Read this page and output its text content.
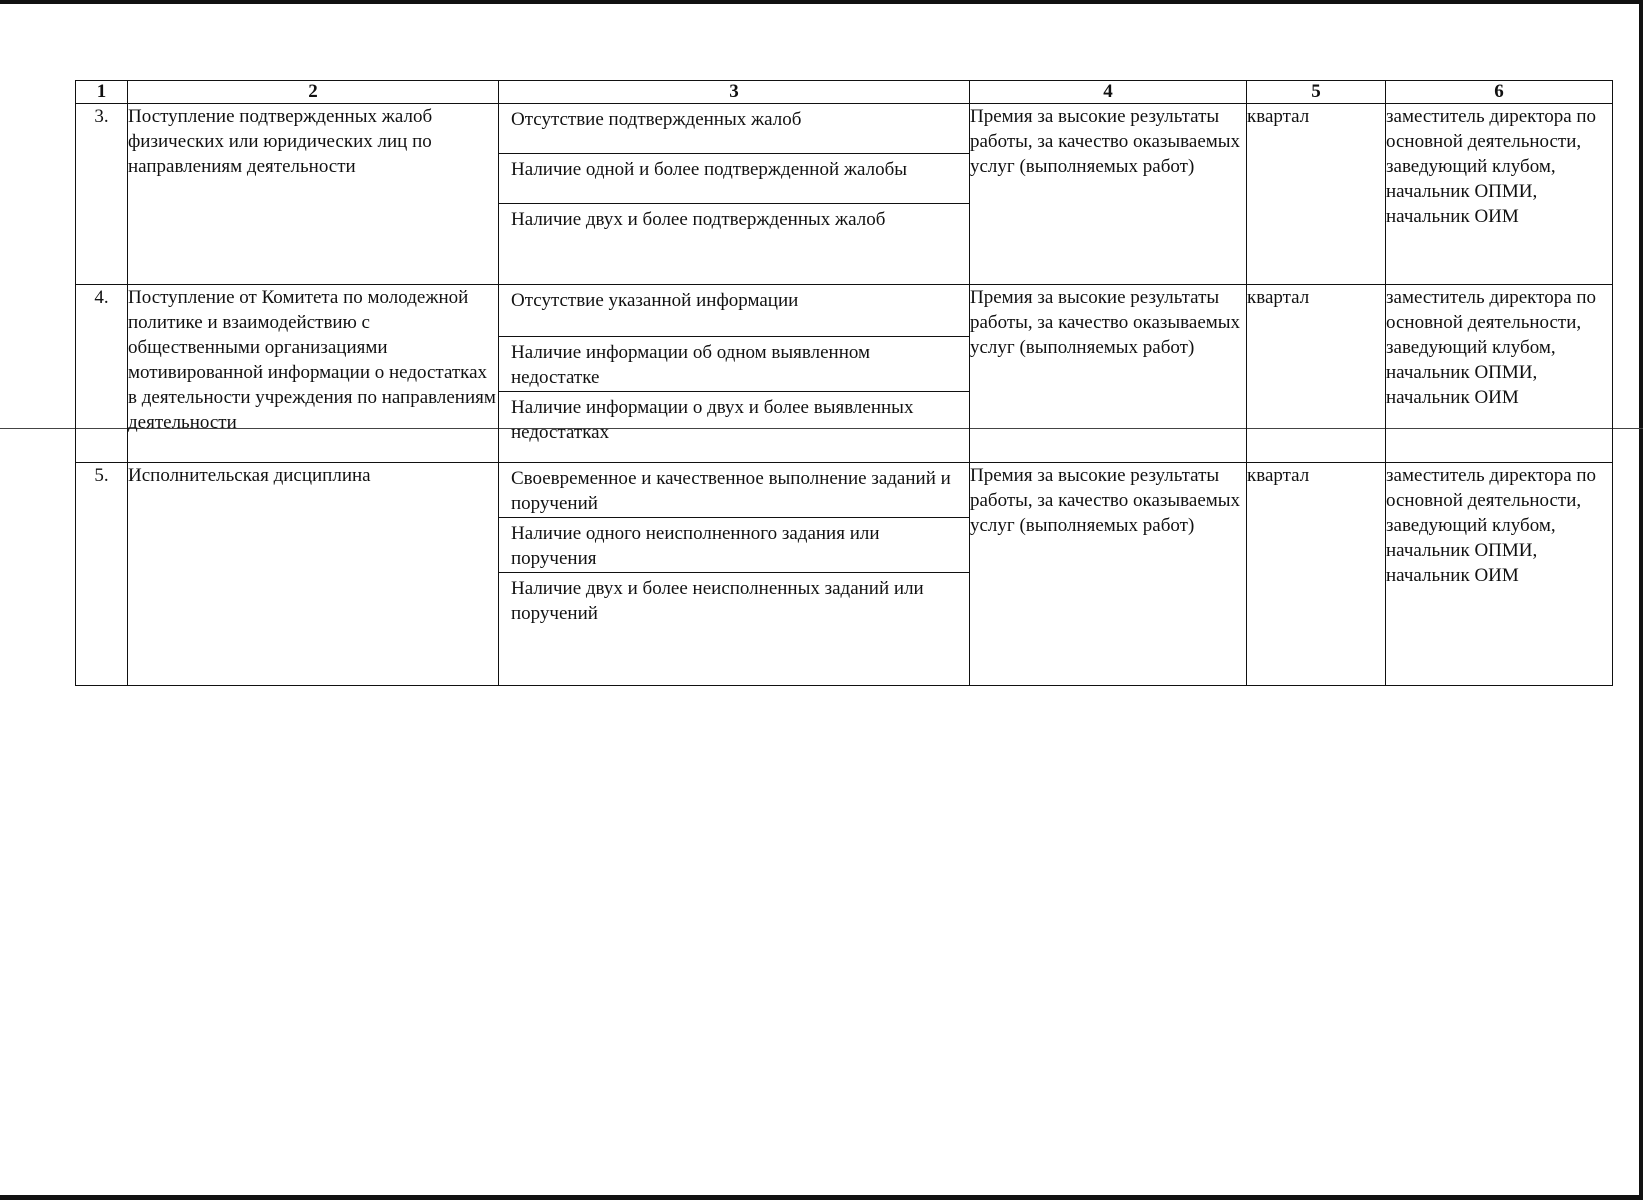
1	2	3	4	5	6
3.	Поступление подтвержденных жалоб физических или юридических лиц по направлениям деятельности	Отсутствие подтвержденных жалоб
Наличие одной и более подтвержденной жалобы
Наличие двух и более подтвержденных жалоб	Премия за высокие результаты работы, за качество оказываемых услуг (выполняемых работ)	квартал	заместитель директора по основной деятельности, заведующий клубом, начальник ОПМИ, начальник ОИМ
4.	Поступление от Комитета по молодежной политике и взаимодействию с общественными организациями мотивированной информации о недостатках в деятельности учреждения по направлениям деятельности	Отсутствие указанной информации
Наличие информации об одном выявленном недостатке
Наличие информации о двух и более выявленных недостатках	Премия за высокие результаты работы, за качество оказываемых услуг (выполняемых работ)	квартал	заместитель директора по основной деятельности, заведующий клубом, начальник ОПМИ, начальник ОИМ
5.	Исполнительская дисциплина	Своевременное и качественное выполнение заданий и поручений
Наличие одного неисполненного задания или поручения
Наличие двух и более неисполненных заданий или поручений	Премия за высокие результаты работы, за качество оказываемых услуг (выполняемых работ)	квартал	заместитель директора по основной деятельности, заведующий клубом, начальник ОПМИ, начальник ОИМ
